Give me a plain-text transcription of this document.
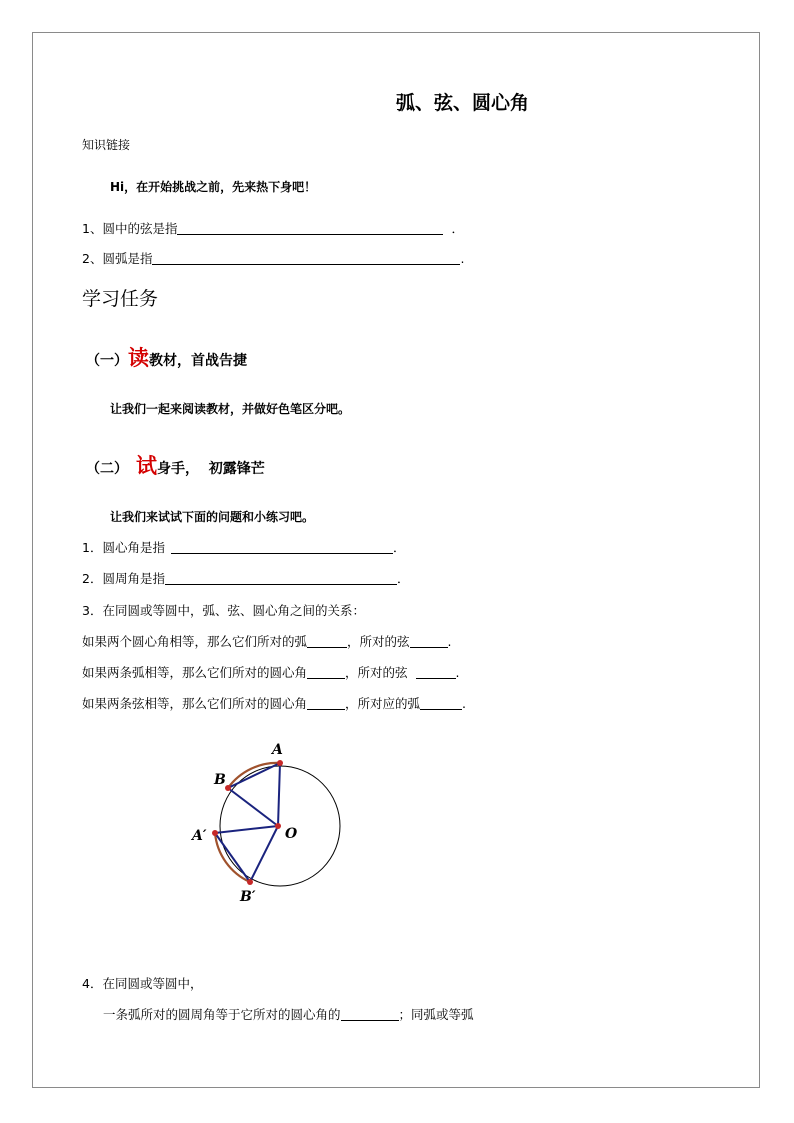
弧、弦、圆心角
知识链接
Hi，在开始挑战之前，先来热下身吧！
1、圆中的弦是指	．
2、圆弧是指	.
学习任务
（一）读教材，首战告捷
让我们一起来阅读教材，并做好色笔区分吧。
（二） 试身手，  初露锋芒
让我们来试试下面的问题和小练习吧。
1．圆心角是指	．
2．圆周角是指	．
3．在同圆或等圆中，弧、弦、圆心角之间的关系：
如果两个圆心角相等，那么它们所对的弧	，所对的弦	.
如果两条弧相等，那么它们所对的圆心角	，所对的弦	.
如果两条弦相等，那么它们所对的圆心角	，所对应的弧	.
A
B
A′	O
B′
4．在同圆或等圆中，
一条弧所对的圆周角等于它所对的圆心角的	；同弧或等弧
